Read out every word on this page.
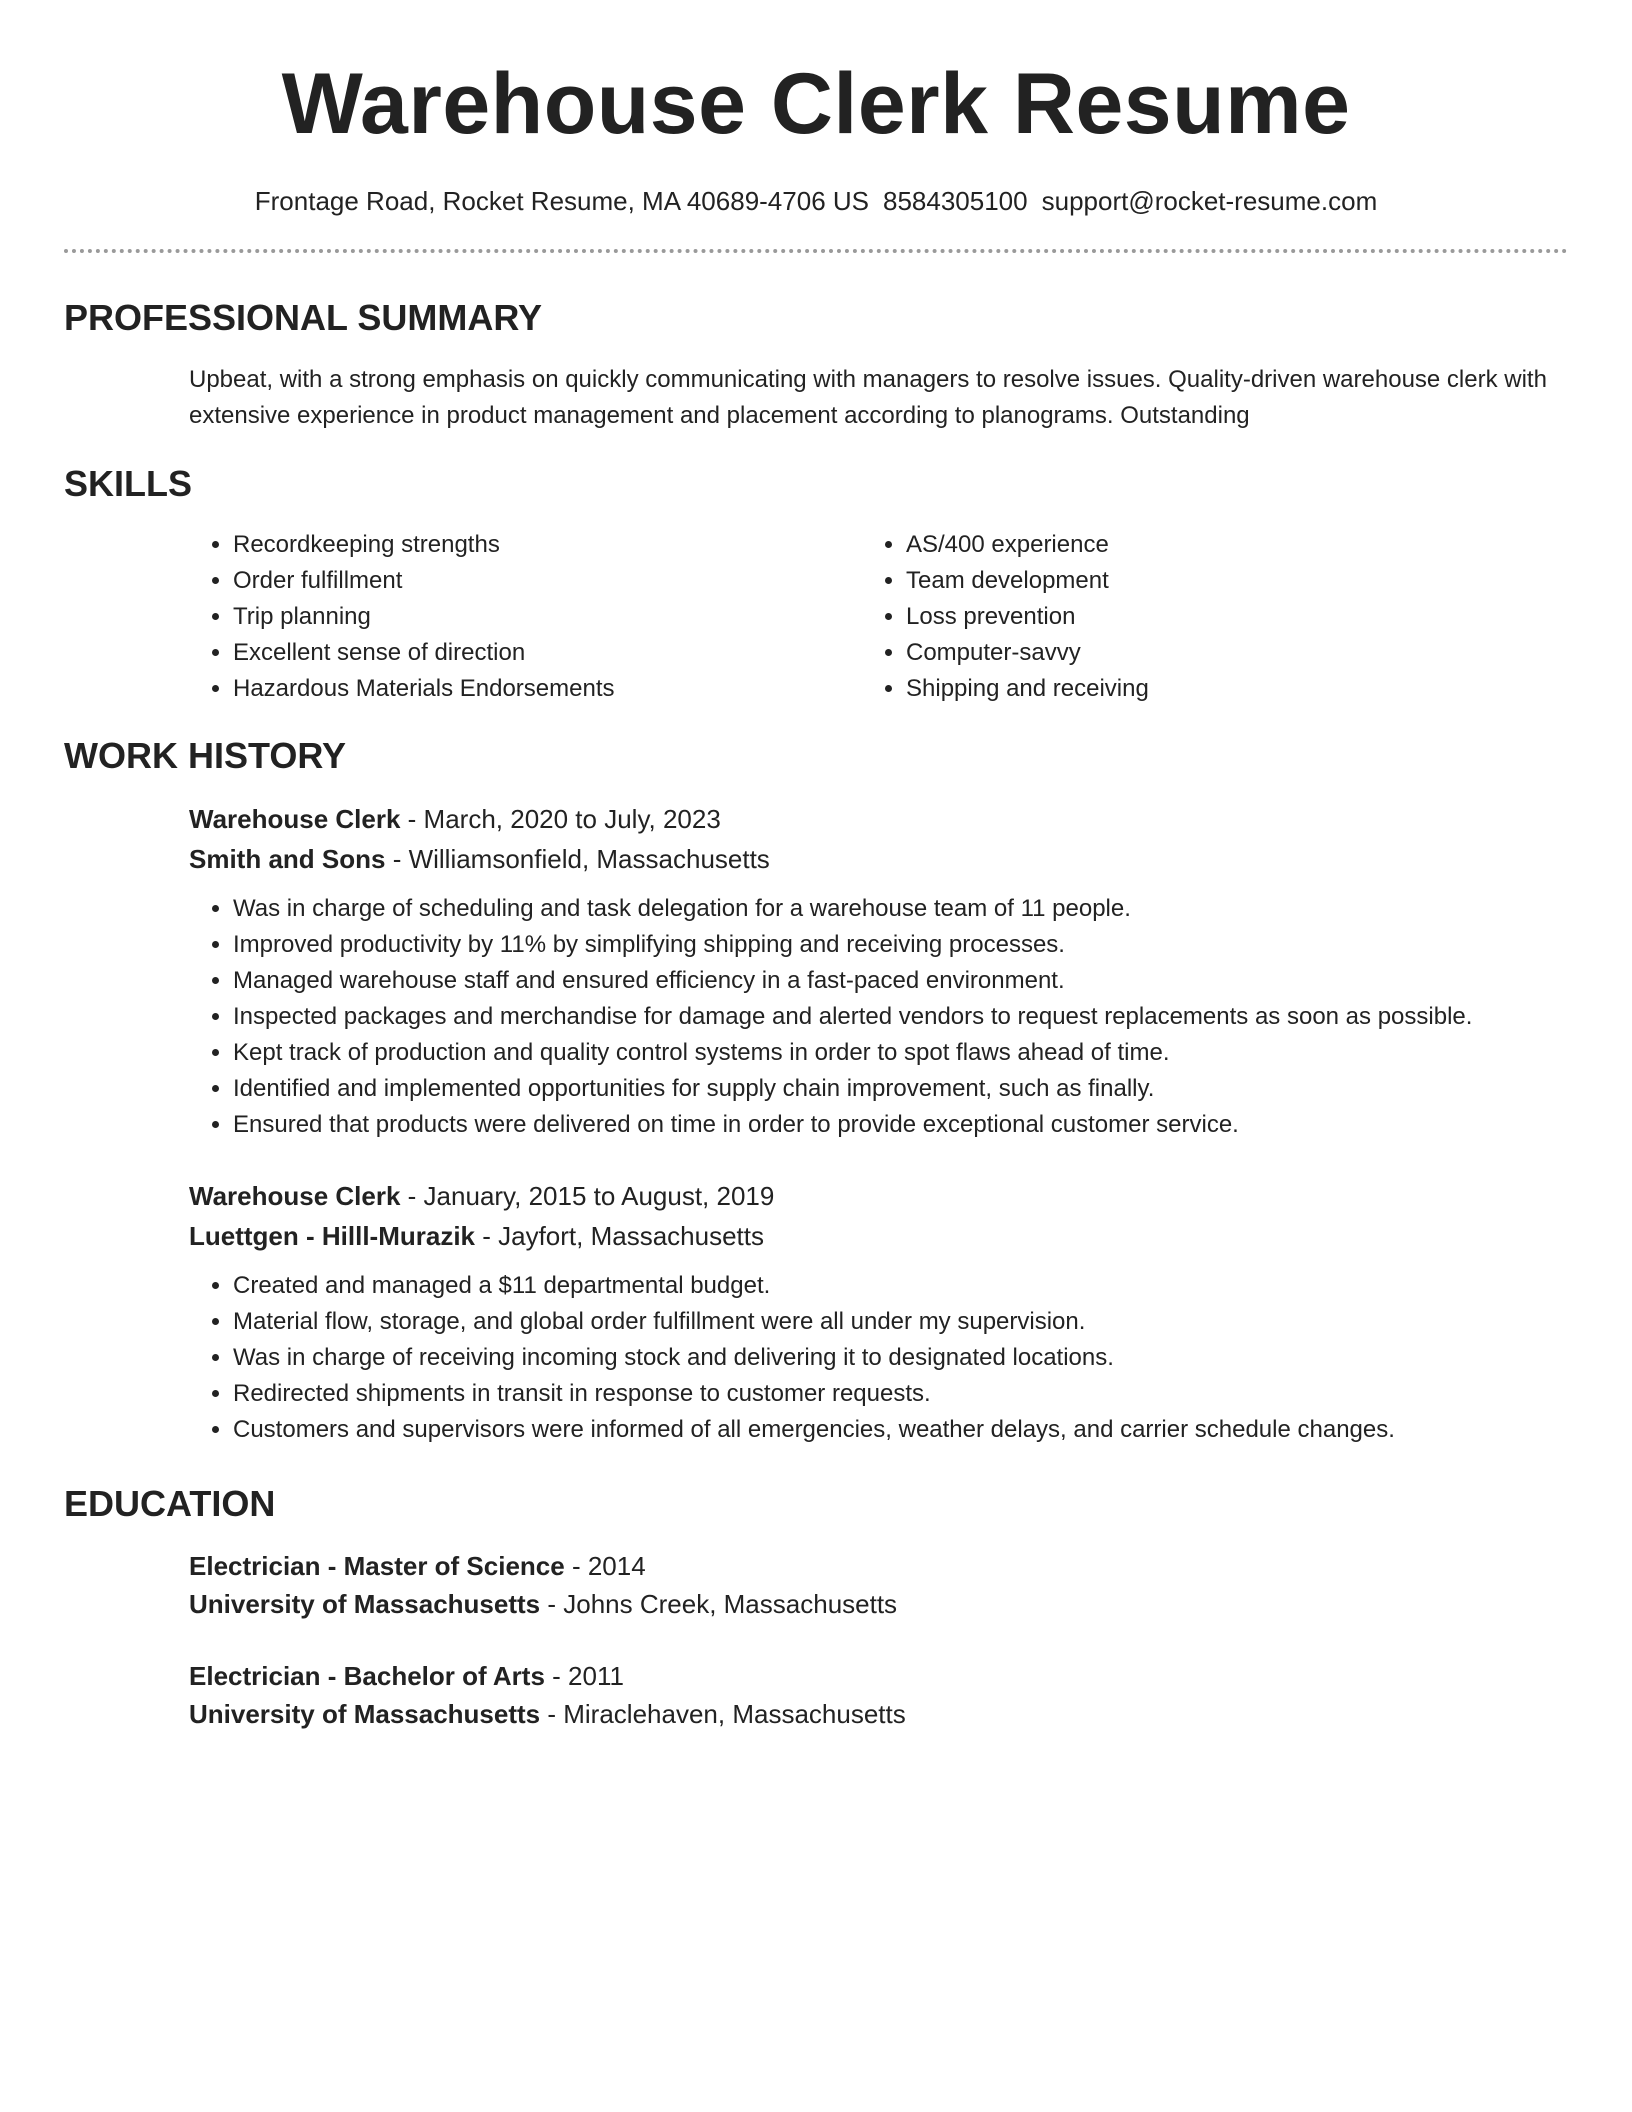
Warehouse Clerk Resume
Frontage Road, Rocket Resume, MA 40689-4706 US 8584305100 support@rocket-resume.com
PROFESSIONAL SUMMARY

Upbeat, with a strong emphasis on quickly communicating with managers to resolve issues. Quality-driven warehouse clerk with extensive experience in product management and placement according to planograms. Outstanding

SKILLS
• Recordkeeping strengths
• Order fulfillment
• Trip planning
• Excellent sense of direction
• Hazardous Materials Endorsements
• AS/400 experience
• Team development
• Loss prevention
• Computer-savvy
• Shipping and receiving
WORK HISTORY

Warehouse Clerk - March, 2020 to July, 2023

Smith and Sons - Williamsonfield, Massachusetts

• Was in charge of scheduling and task delegation for a warehouse team of 11 people.
• Improved productivity by 11% by simplifying shipping and receiving processes.
• Managed warehouse staff and ensured efficiency in a fast-paced environment.
• Inspected packages and merchandise for damage and alerted vendors to request replacements as soon as possible.
• Kept track of production and quality control systems in order to spot flaws ahead of time.
• Identified and implemented opportunities for supply chain improvement, such as finally.
• Ensured that products were delivered on time in order to provide exceptional customer service.

Warehouse Clerk - January, 2015 to August, 2019

Luettgen - Hilll-Murazik - Jayfort, Massachusetts

• Created and managed a $11 departmental budget.
• Material flow, storage, and global order fulfillment were all under my supervision.
• Was in charge of receiving incoming stock and delivering it to designated locations.
• Redirected shipments in transit in response to customer requests.
• Customers and supervisors were informed of all emergencies, weather delays, and carrier schedule changes.
EDUCATION

Electrician - Master of Science - 2014

University of Massachusetts - Johns Creek, Massachusetts

Electrician - Bachelor of Arts - 2011

University of Massachusetts - Miraclehaven, Massachusetts
